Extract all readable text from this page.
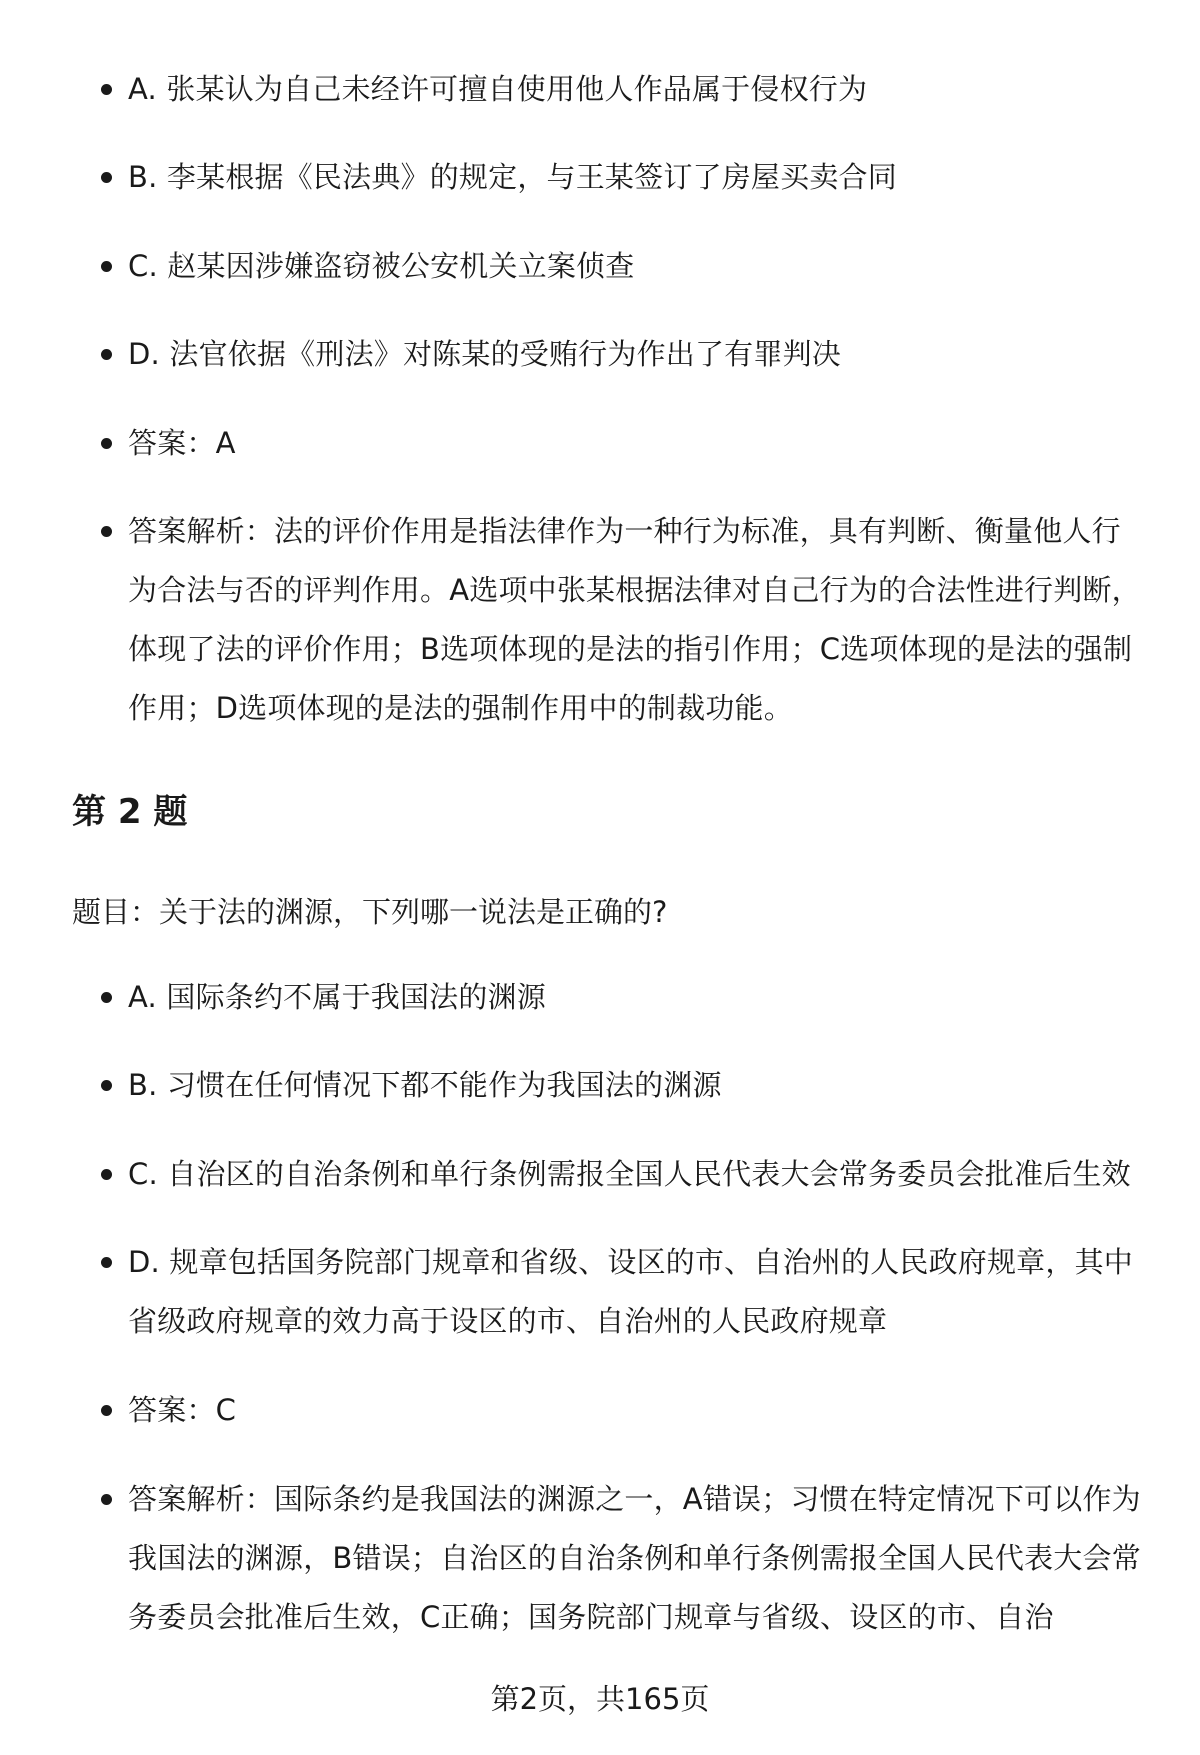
A. 张某认为自己未经许可擅自使用他人作品属于侵权行为
B. 李某根据《民法典》的规定，与王某签订了房屋买卖合同
C. 赵某因涉嫌盗窃被公安机关立案侦查
D. 法官依据《刑法》对陈某的受贿行为作出了有罪判决
答案：A
答案解析：法的评价作用是指法律作为一种行为标准，具有判断、衡量他人行为合法与否的评判作用。A选项中张某根据法律对自己行为的合法性进行判断，体现了法的评价作用；B选项体现的是法的指引作用；C选项体现的是法的强制作用；D选项体现的是法的强制作用中的制裁功能。
第 2 题
题目：关于法的渊源，下列哪一说法是正确的?
A. 国际条约不属于我国法的渊源
B. 习惯在任何情况下都不能作为我国法的渊源
C. 自治区的自治条例和单行条例需报全国人民代表大会常务委员会批准后生效
D. 规章包括国务院部门规章和省级、设区的市、自治州的人民政府规章，其中省级政府规章的效力高于设区的市、自治州的人民政府规章
答案：C
答案解析：国际条约是我国法的渊源之一，A错误；习惯在特定情况下可以作为我国法的渊源，B错误；自治区的自治条例和单行条例需报全国人民代表大会常务委员会批准后生效，C正确；国务院部门规章与省级、设区的市、自治
第2页，共165页
